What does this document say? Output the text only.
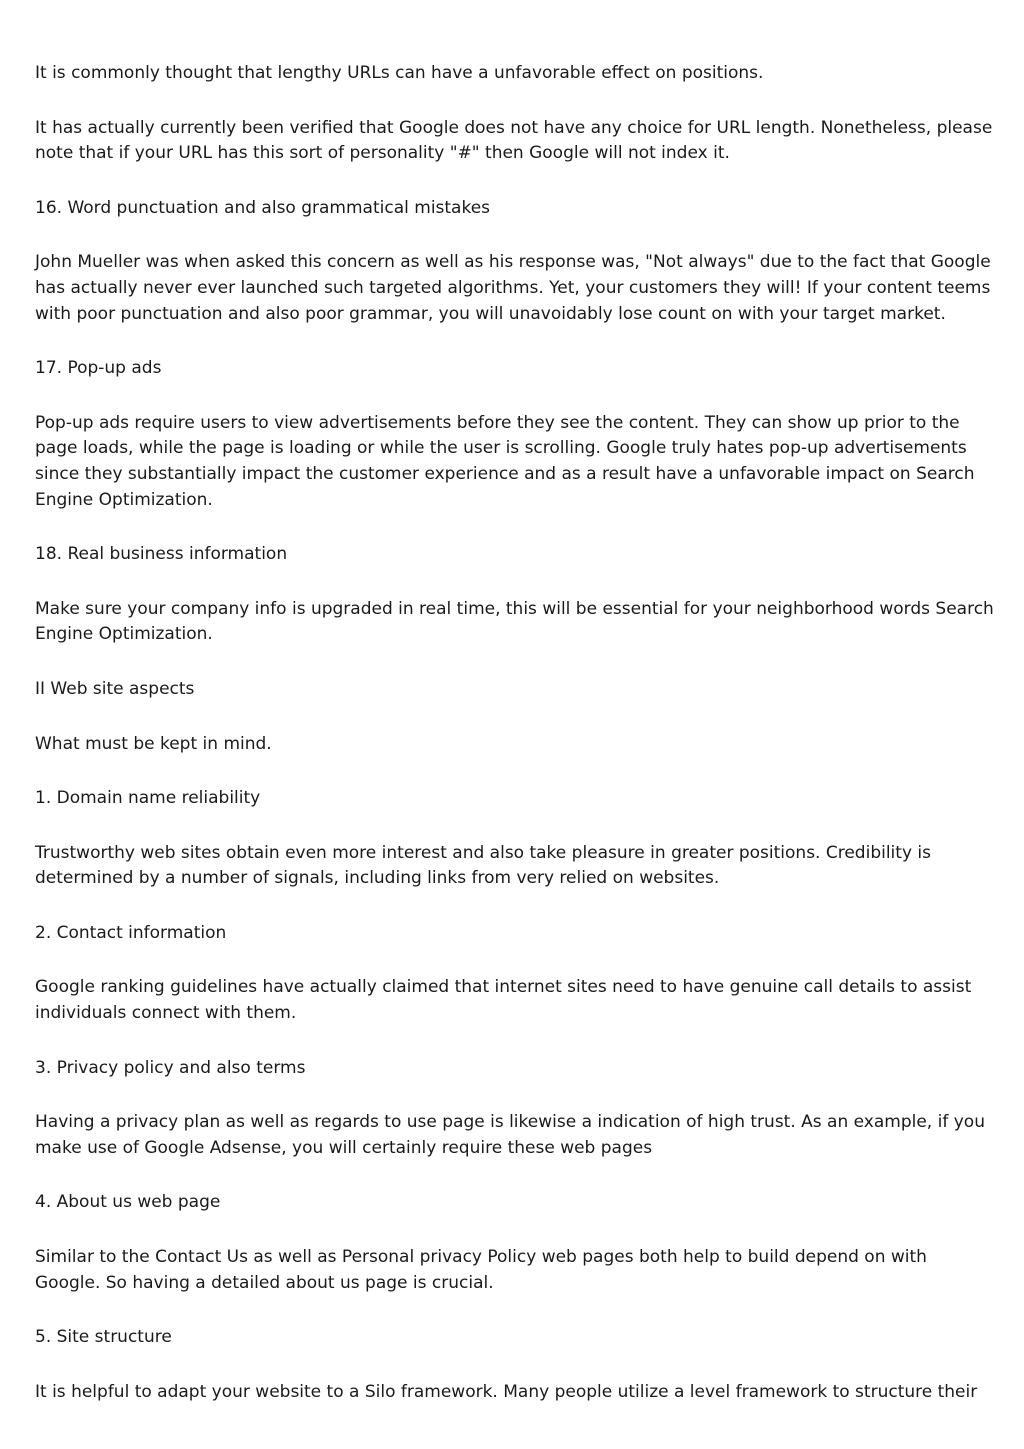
It is commonly thought that lengthy URLs can have a unfavorable effect on positions.

It has actually currently been verified that Google does not have any choice for URL length. Nonetheless, please note that if your URL has this sort of personality "#" then Google will not index it.

16. Word punctuation and also grammatical mistakes

John Mueller was when asked this concern as well as his response was, "Not always" due to the fact that Google has actually never ever launched such targeted algorithms. Yet, your customers they will! If your content teems with poor punctuation and also poor grammar, you will unavoidably lose count on with your target market.

17. Pop-up ads

Pop-up ads require users to view advertisements before they see the content. They can show up prior to the page loads, while the page is loading or while the user is scrolling. Google truly hates pop-up advertisements since they substantially impact the customer experience and as a result have a unfavorable impact on Search Engine Optimization.

18. Real business information

Make sure your company info is upgraded in real time, this will be essential for your neighborhood words Search Engine Optimization.

II Web site aspects

What must be kept in mind.

1. Domain name reliability

Trustworthy web sites obtain even more interest and also take pleasure in greater positions. Credibility is determined by a number of signals, including links from very relied on websites.

2. Contact information

Google ranking guidelines have actually claimed that internet sites need to have genuine call details to assist individuals connect with them.

3. Privacy policy and also terms

Having a privacy plan as well as regards to use page is likewise a indication of high trust. As an example, if you make use of Google Adsense, you will certainly require these web pages

4. About us web page

Similar to the Contact Us as well as Personal privacy Policy web pages both help to build depend on with Google. So having a detailed about us page is crucial.

5. Site structure

It is helpful to adapt your website to a Silo framework. Many people utilize a level framework to structure their
